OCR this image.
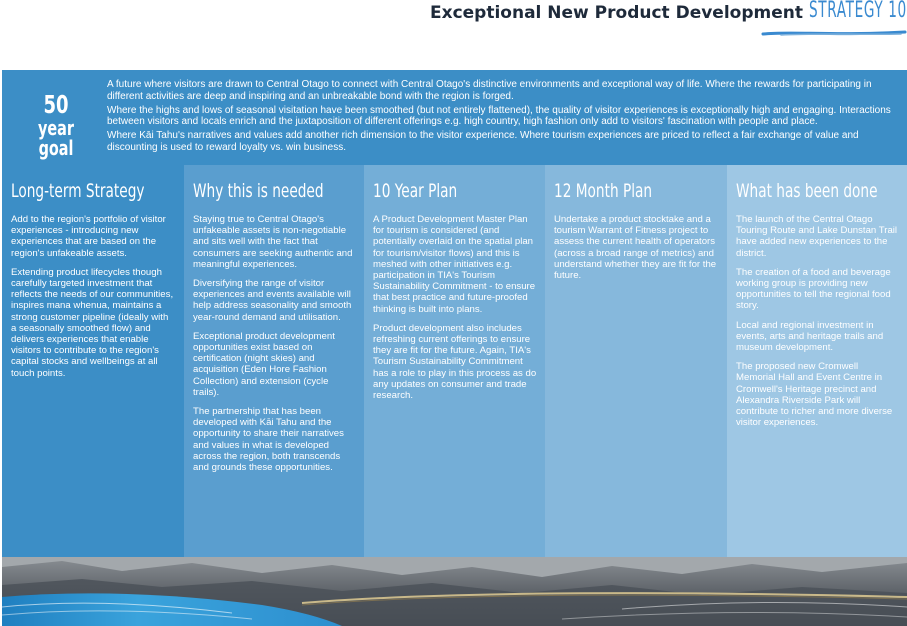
Exceptional New Product Development STRATEGY 10
50
year goal

A future where visitors are drawn to Central Otago to connect with Central Otago's distinctive environments and exceptional way of life. Where the rewards for participating in different activities are deep and inspiring and an unbreakable bond with the region is forged.

Where the highs and lows of seasonal visitation have been smoothed (but not entirely flattened), the quality of visitor experiences is exceptionally high and engaging. Interactions between visitors and locals enrich and the juxtaposition of different offerings e.g. high country, high fashion only add to visitors' fascination with people and place.

Where Kāi Tahu's narratives and values add another rich dimension to the visitor experience. Where tourism experiences are priced to reflect a fair exchange of value and discounting is used to reward loyalty vs. win business.

Long-term Strategy

Add to the region's portfolio of visitor experiences - introducing new experiences that are based on the region's unfakeable assets.

Extending product lifecycles though carefully targeted investment that reflects the needs of our communities, inspires mana whenua, maintains a strong customer pipeline (ideally with a seasonally smoothed flow) and delivers experiences that enable visitors to contribute to the region's capital stocks and wellbeings at all touch points.

Why this is needed

Staying true to Central Otago's unfakeable assets is non-negotiable and sits well with the fact that consumers are seeking authentic and meaningful experiences.

Diversifying the range of visitor experiences and events available will help address seasonality and smooth year-round demand and utilisation.

Exceptional product development opportunities exist based on certification (night skies) and acquisition (Eden Hore Fashion Collection) and extension (cycle trails).

The partnership that has been developed with Kāi Tahu and the opportunity to share their narratives and values in what is developed across the region, both transcends and grounds these opportunities.

10 Year Plan

A Product Development Master Plan for tourism is considered (and potentially overlaid on the spatial plan for tourism/visitor flows) and this is meshed with other initiatives e.g. participation in TIA's Tourism Sustainability Commitment - to ensure that best practice and future-proofed thinking is built into plans.

Product development also includes refreshing current offerings to ensure they are fit for the future. Again, TIA's Tourism Sustainability Commitment has a role to play in this process as do any updates on consumer and trade research.

12 Month Plan

Undertake a product stocktake and a tourism Warrant of Fitness project to assess the current health of operators (across a broad range of metrics) and understand whether they are fit for the future.

What has been done

The launch of the Central Otago Touring Route and Lake Dunstan Trail have added new experiences to the district.

The creation of a food and beverage working group is providing new opportunities to tell the regional food story.

Local and regional investment in events, arts and heritage trails and museum development.

The proposed new Cromwell Memorial Hall and Event Centre in Cromwell's Heritage precinct and Alexandra Riverside Park will contribute to richer and more diverse visitor experiences.
